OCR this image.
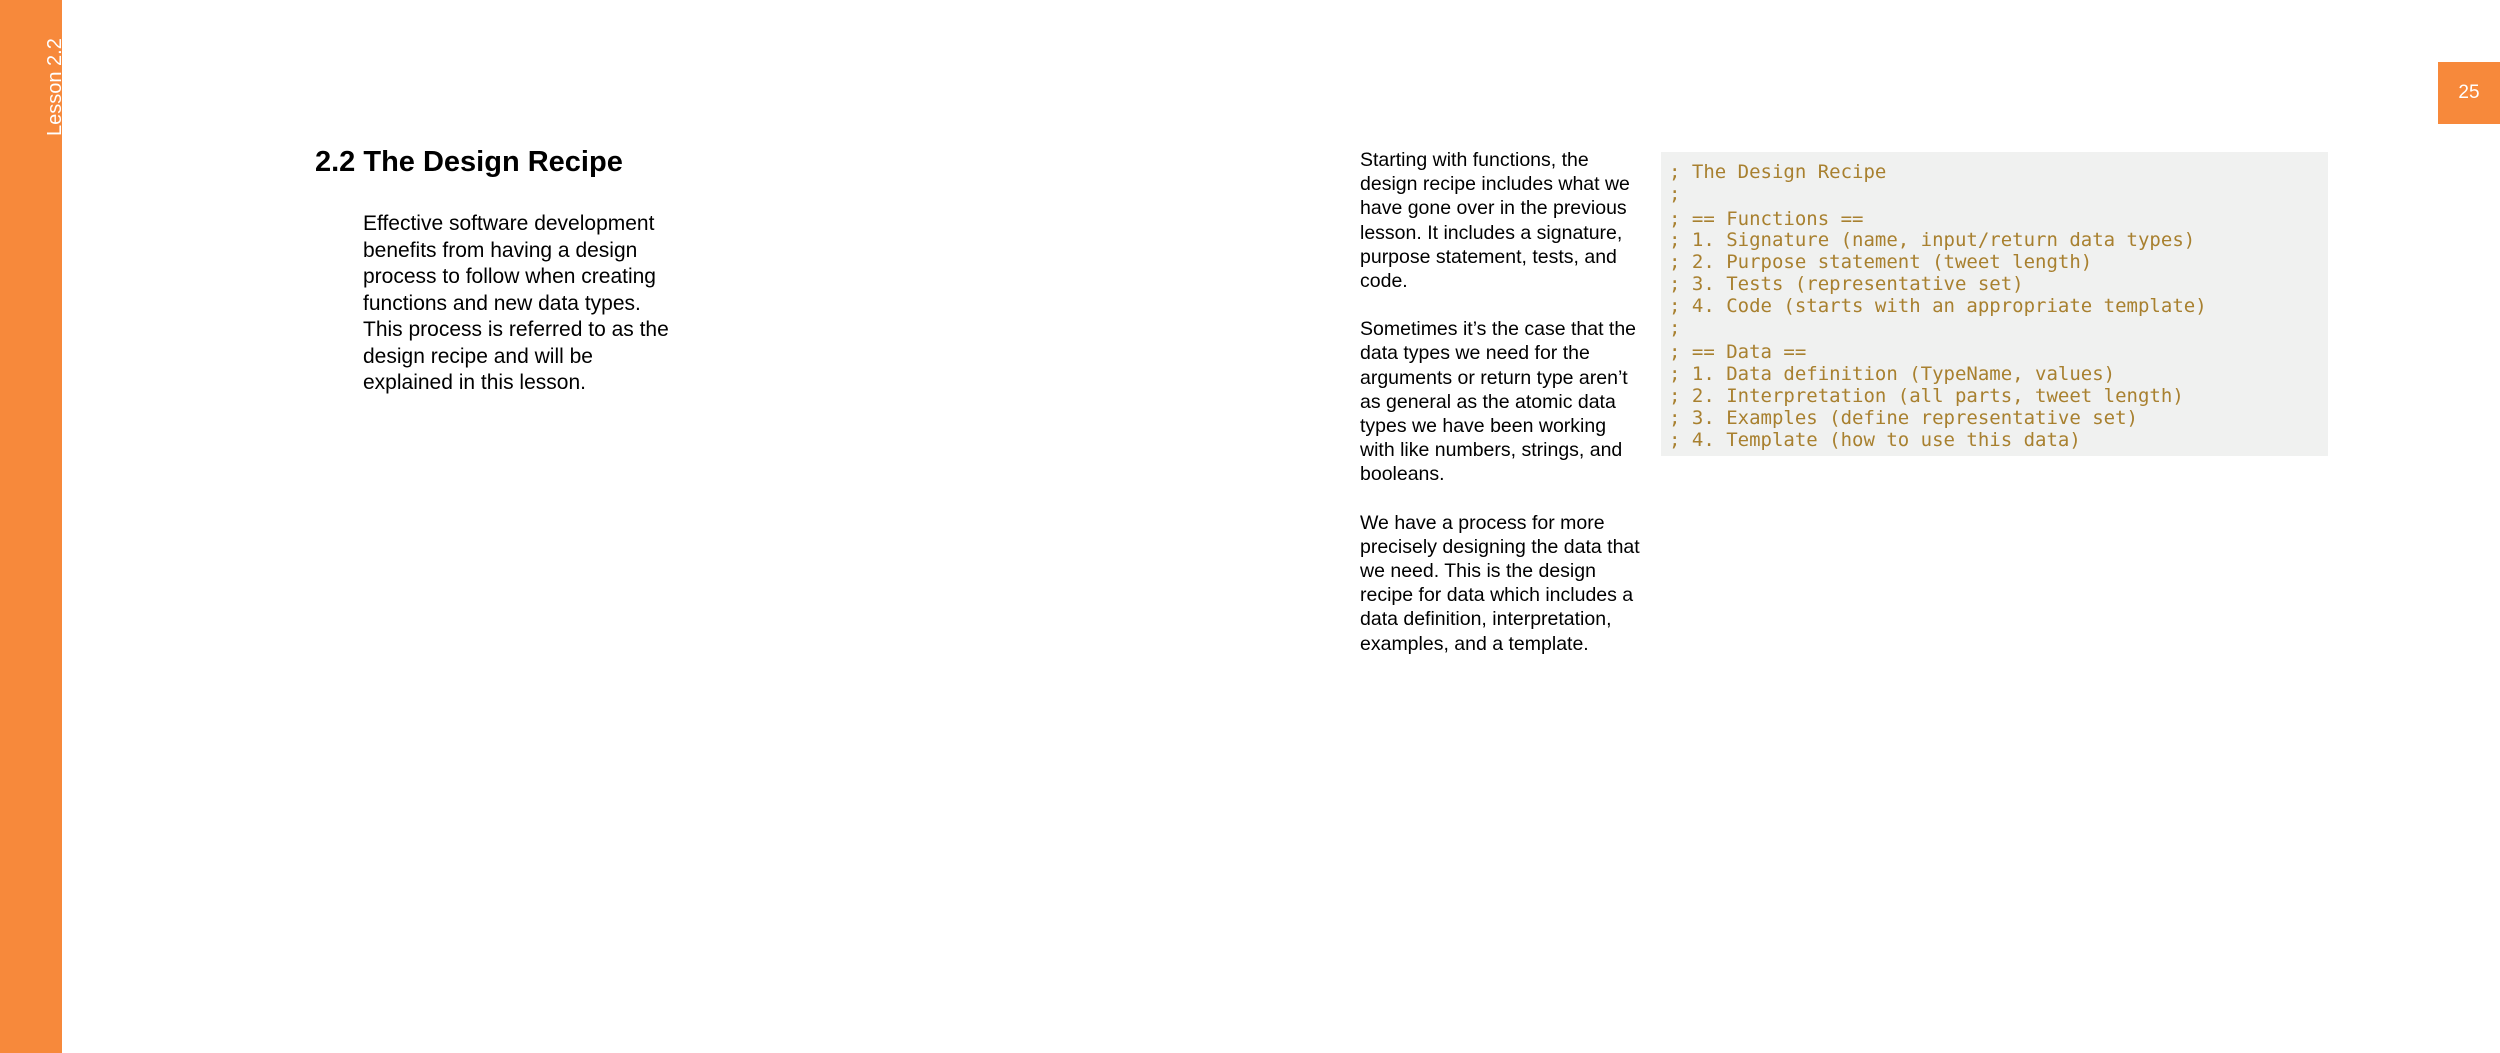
Lesson 2.2	25
2.2 The Design Recipe

Effective software development benefits from having a design process to follow when creating functions and new data types. This process is referred to as the design recipe and will be explained in this lesson.

Starting with functions, the design recipe includes what we have gone over in the previous lesson. It includes a signature, purpose statement, tests, and code.

Sometimes it’s the case that the data types we need for the arguments or return type aren’t as general as the atomic data types we have been working with like numbers, strings, and booleans.

We have a process for more precisely designing the data that we need. This is the design recipe for data which includes a data definition, interpretation, examples, and a template.

; The Design Recipe
;
; == Functions ==
; 1. Signature (name, input/return data types)
; 2. Purpose statement (tweet length)
; 3. Tests (representative set)
; 4. Code (starts with an appropriate template)
;
; == Data ==
; 1. Data definition (TypeName, values)
; 2. Interpretation (all parts, tweet length)
; 3. Examples (define representative set)
; 4. Template (how to use this data)
